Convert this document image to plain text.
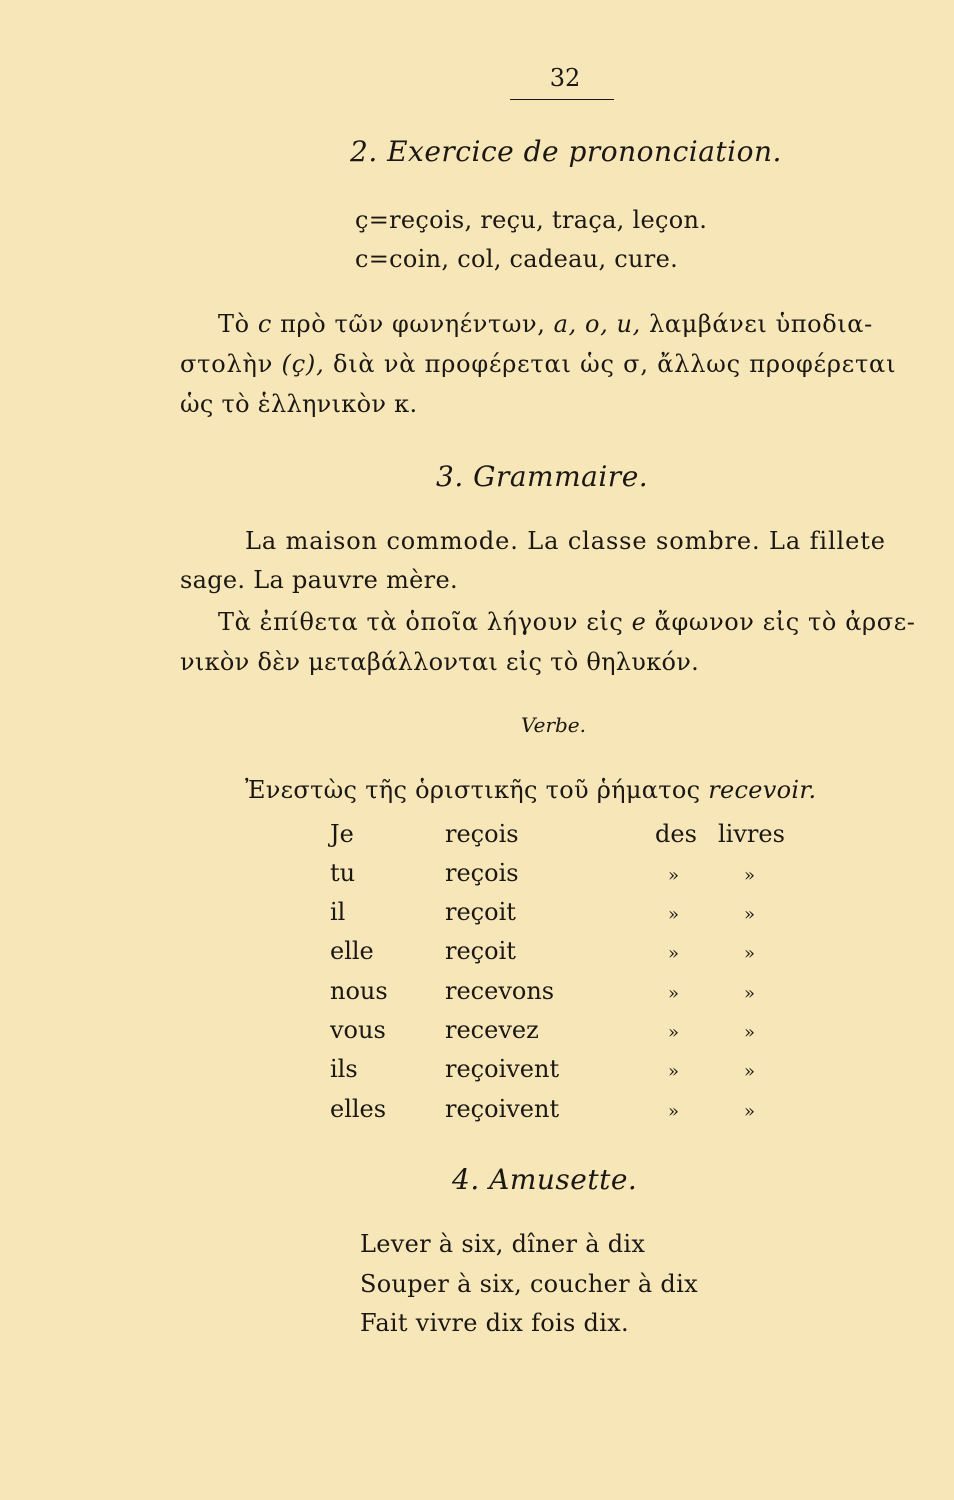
32
2. Exercice de prononciation.
ç=reçois, reçu, traça, leçon.
c=coin, col, cadeau, cure.
Τὸ c πρὸ τῶν φωνηέντων, a, o, u, λαμβάνει ὑποδια-
στολὴν (ç), διὰ νὰ προφέρεται ὡς σ, ἄλλως προφέρεται
ὡς τὸ ἑλληνικὸν κ.
3. Grammaire.
La maison commode. La classe sombre. La fillete
sage. La pauvre mère.
Τὰ ἐπίθετα τὰ ὁποῖα λήγουν εἰς e ἄφωνον εἰς τὸ ἀρσε-
νικὸν δὲν μεταβάλλονται εἰς τὸ θηλυκόν.
Verbe.
Ἐνεστὼς τῆς ὁριστικῆς τοῦ ῥήματος recevoir.
Je	reçois	des livres
tu	reçois	»	»
il	reçoit	»	»
elle	reçoit	»	»
nous recevons	»	»
vous recevez	»	»
ils	reçoivent	»	»
elles reçoivent	»	»
4. Amusette.
Lever à six, dîner à dix
Souper à six, coucher à dix
Fait vivre dix fois dix.
